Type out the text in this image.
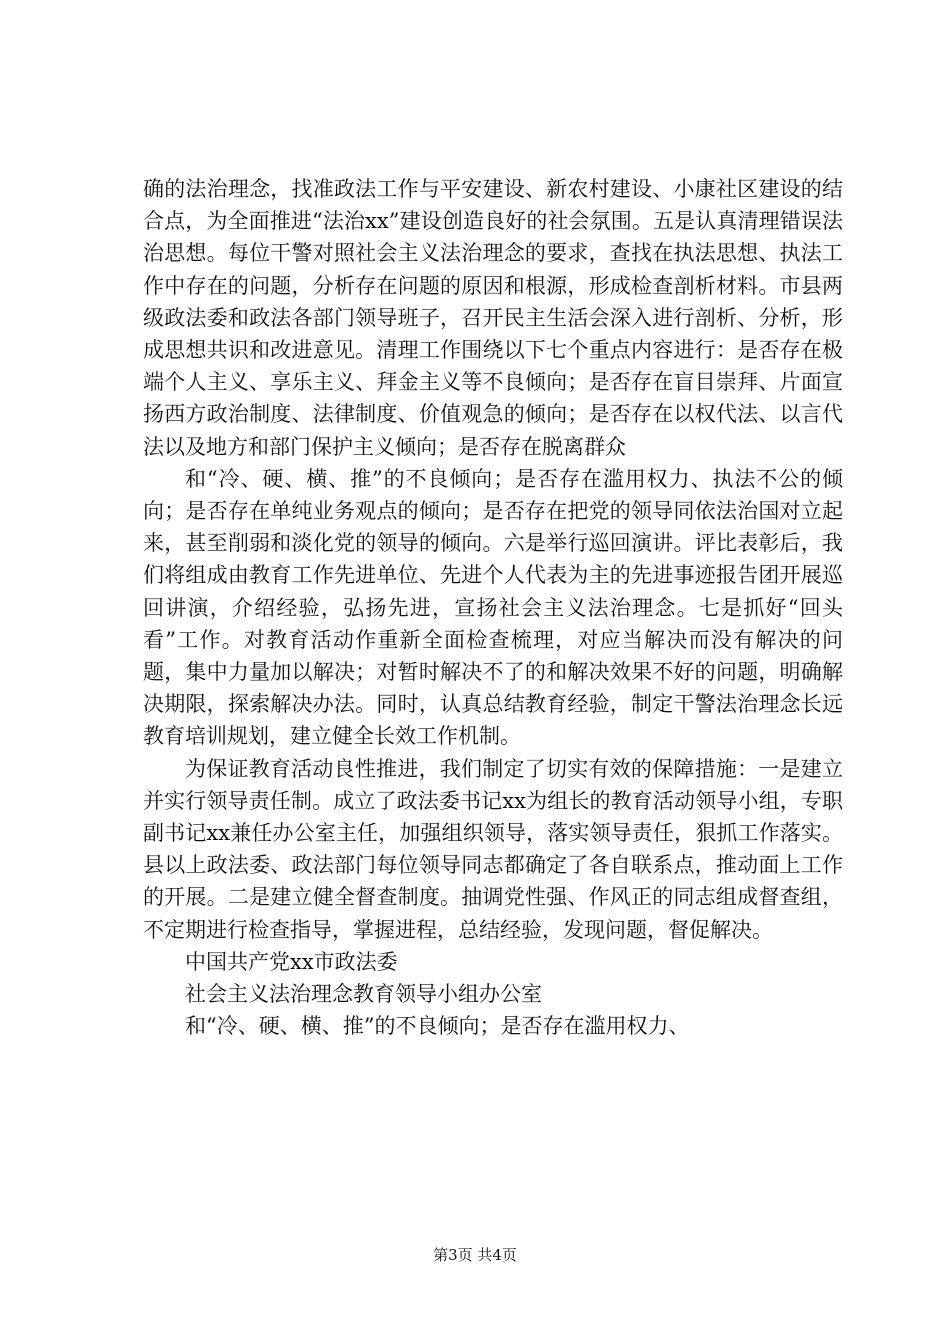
确的法治理念，找准政法工作与平安建设、新农村建设、小康社区建设的结合点，为全面推进“法治xx”建设创造良好的社会氛围。五是认真清理错误法治思想。每位干警对照社会主义法治理念的要求，查找在执法思想、执法工作中存在的问题，分析存在问题的原因和根源，形成检查剖析材料。市县两级政法委和政法各部门领导班子，召开民主生活会深入进行剖析、分析，形成思想共识和改进意见。清理工作围绕以下七个重点内容进行：是否存在极端个人主义、享乐主义、拜金主义等不良倾向；是否存在盲目崇拜、片面宣扬西方政治制度、法律制度、价值观急的倾向；是否存在以权代法、以言代法以及地方和部门保护主义倾向；是否存在脱离群众

和“冷、硬、横、推”的不良倾向；是否存在滥用权力、执法不公的倾向；是否存在单纯业务观点的倾向；是否存在把党的领导同依法治国对立起来，甚至削弱和淡化党的领导的倾向。六是举行巡回演讲。评比表彰后，我们将组成由教育工作先进单位、先进个人代表为主的先进事迹报告团开展巡回讲演，介绍经验，弘扬先进，宣扬社会主义法治理念。七是抓好“回头看”工作。对教育活动作重新全面检查梳理，对应当解决而没有解决的问题，集中力量加以解决；对暂时解决不了的和解决效果不好的问题，明确解决期限，探索解决办法。同时，认真总结教育经验，制定干警法治理念长远教育培训规划，建立健全长效工作机制。

为保证教育活动良性推进，我们制定了切实有效的保障措施：一是建立并实行领导责任制。成立了政法委书记xx为组长的教育活动领导小组，专职副书记xx兼任办公室主任，加强组织领导，落实领导责任，狠抓工作落实。县以上政法委、政法部门每位领导同志都确定了各自联系点，推动面上工作的开展。二是建立健全督查制度。抽调党性强、作风正的同志组成督查组，不定期进行检查指导，掌握进程，总结经验，发现问题，督促解决。

中国共产党xx市政法委

社会主义法治理念教育领导小组办公室

和“冷、硬、横、推”的不良倾向；是否存在滥用权力、

第3页 共4页
